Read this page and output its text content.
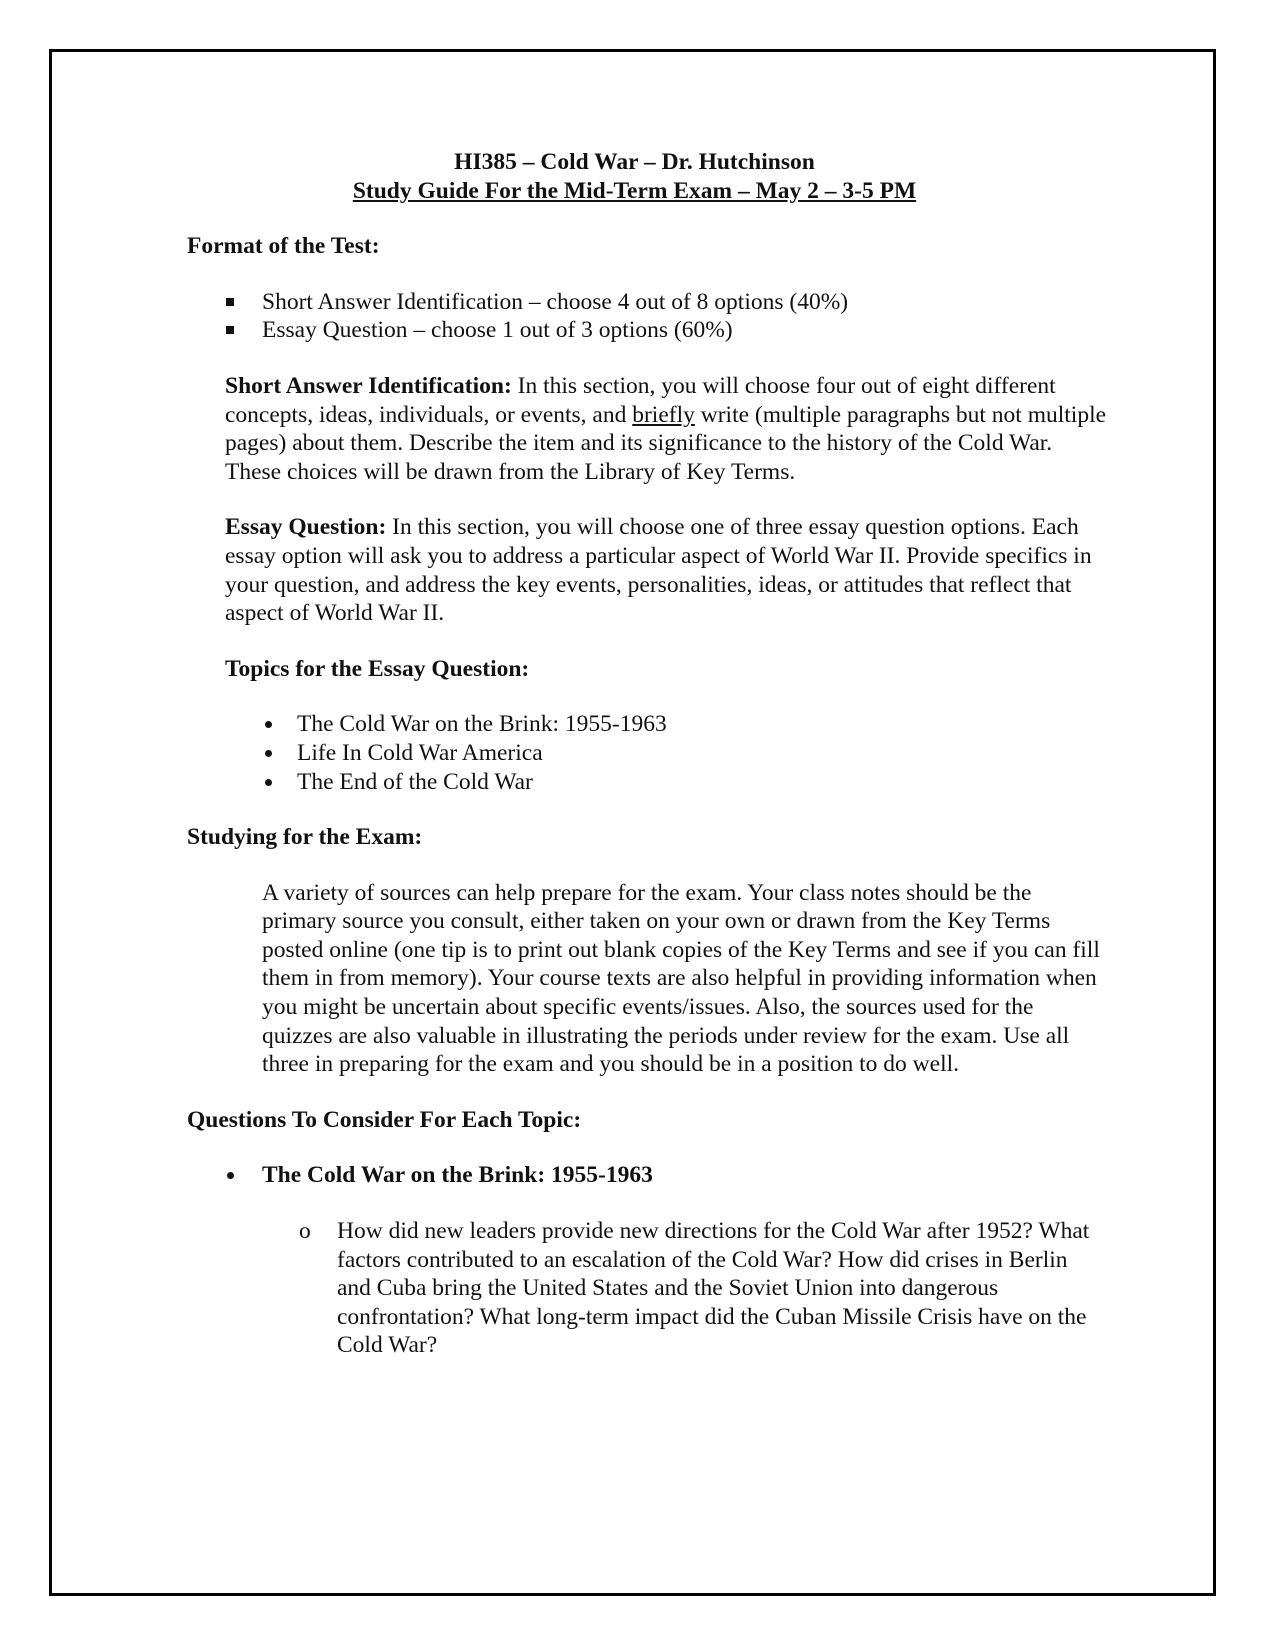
HI385 – Cold War – Dr. Hutchinson
Study Guide For the Mid-Term Exam – May 2 – 3-5 PM
Format of the Test:
Short Answer Identification – choose 4 out of 8 options (40%)
Essay Question – choose 1 out of 3 options (60%)
Short Answer Identification: In this section, you will choose four out of eight different concepts, ideas, individuals, or events, and briefly write (multiple paragraphs but not multiple pages) about them. Describe the item and its significance to the history of the Cold War. These choices will be drawn from the Library of Key Terms.
Essay Question: In this section, you will choose one of three essay question options. Each essay option will ask you to address a particular aspect of World War II. Provide specifics in your question, and address the key events, personalities, ideas, or attitudes that reflect that aspect of World War II.
Topics for the Essay Question:
The Cold War on the Brink: 1955-1963
Life In Cold War America
The End of the Cold War
Studying for the Exam:
A variety of sources can help prepare for the exam. Your class notes should be the primary source you consult, either taken on your own or drawn from the Key Terms posted online (one tip is to print out blank copies of the Key Terms and see if you can fill them in from memory). Your course texts are also helpful in providing information when you might be uncertain about specific events/issues. Also, the sources used for the quizzes are also valuable in illustrating the periods under review for the exam. Use all three in preparing for the exam and you should be in a position to do well.
Questions To Consider For Each Topic:
The Cold War on the Brink: 1955-1963
o How did new leaders provide new directions for the Cold War after 1952? What factors contributed to an escalation of the Cold War? How did crises in Berlin and Cuba bring the United States and the Soviet Union into dangerous confrontation? What long-term impact did the Cuban Missile Crisis have on the Cold War?
